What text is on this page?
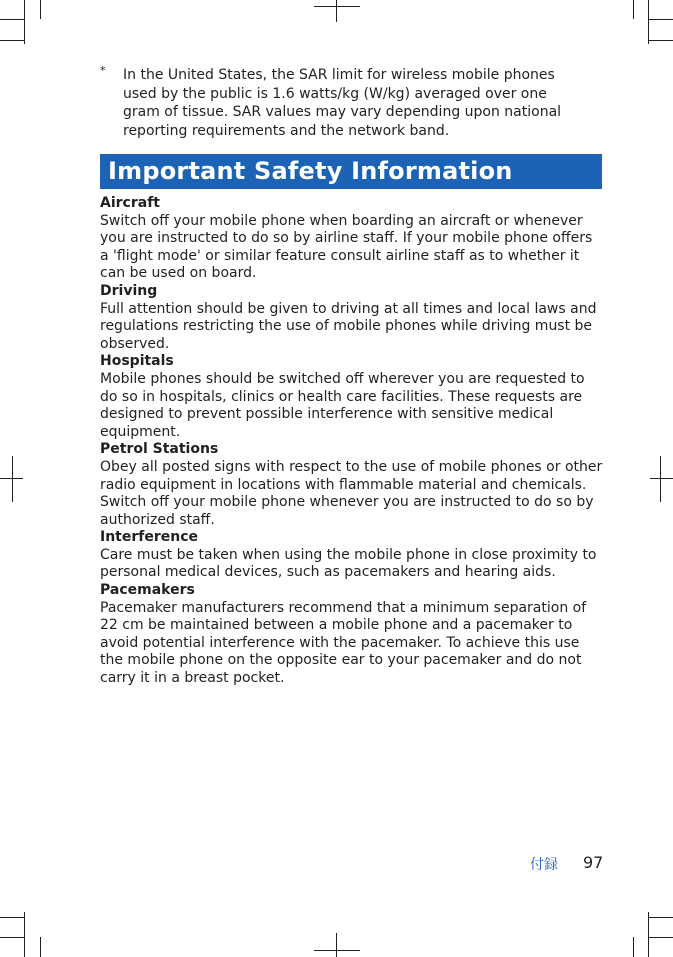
* In the United States, the SAR limit for wireless mobile phones used by the public is 1.6 watts/kg (W/kg) averaged over one gram of tissue. SAR values may vary depending upon national reporting requirements and the network band.

Important Safety Information

Aircraft

Switch off your mobile phone when boarding an aircraft or whenever you are instructed to do so by airline staff. If your mobile phone offers a 'flight mode' or similar feature consult airline staff as to whether it can be used on board.

Driving

Full attention should be given to driving at all times and local laws and regulations restricting the use of mobile phones while driving must be observed.

Hospitals

Mobile phones should be switched off wherever you are requested to do so in hospitals, clinics or health care facilities. These requests are designed to prevent possible interference with sensitive medical equipment.

Petrol Stations

Obey all posted signs with respect to the use of mobile phones or other radio equipment in locations with flammable material and chemicals. Switch off your mobile phone whenever you are instructed to do so by authorized staff.

Interference

Care must be taken when using the mobile phone in close proximity to personal medical devices, such as pacemakers and hearing aids.

Pacemakers

Pacemaker manufacturers recommend that a minimum separation of 22 cm be maintained between a mobile phone and a pacemaker to avoid potential interference with the pacemaker. To achieve this use the mobile phone on the opposite ear to your pacemaker and do not carry it in a breast pocket.

付録 97
